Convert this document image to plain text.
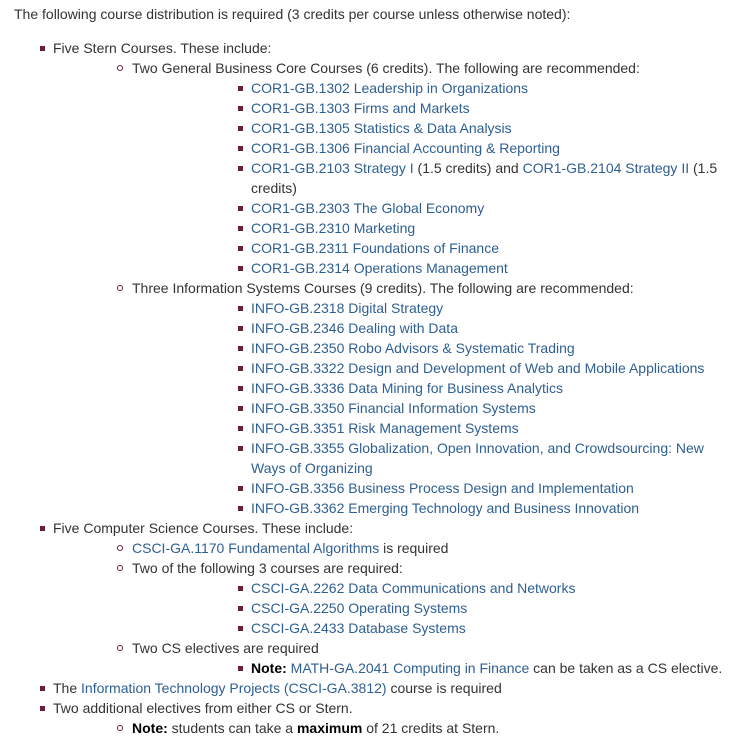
The following course distribution is required (3 credits per course unless otherwise noted):

Five Stern Courses. These include:
Two General Business Core Courses (6 credits). The following are recommended:
COR1-GB.1302 Leadership in Organizations
COR1-GB.1303 Firms and Markets
COR1-GB.1305 Statistics & Data Analysis
COR1-GB.1306 Financial Accounting & Reporting
COR1-GB.2103 Strategy I (1.5 credits) and COR1-GB.2104 Strategy II (1.5 credits)
COR1-GB.2303 The Global Economy
COR1-GB.2310 Marketing
COR1-GB.2311 Foundations of Finance
COR1-GB.2314 Operations Management
Three Information Systems Courses (9 credits). The following are recommended:
INFO-GB.2318 Digital Strategy
INFO-GB.2346 Dealing with Data
INFO-GB.2350 Robo Advisors & Systematic Trading
INFO-GB.3322 Design and Development of Web and Mobile Applications
INFO-GB.3336 Data Mining for Business Analytics
INFO-GB.3350 Financial Information Systems
INFO-GB.3351 Risk Management Systems
INFO-GB.3355 Globalization, Open Innovation, and Crowdsourcing: New Ways of Organizing
INFO-GB.3356 Business Process Design and Implementation
INFO-GB.3362 Emerging Technology and Business Innovation
Five Computer Science Courses. These include:
CSCI-GA.1170 Fundamental Algorithms is required
Two of the following 3 courses are required:
CSCI-GA.2262 Data Communications and Networks
CSCI-GA.2250 Operating Systems
CSCI-GA.2433 Database Systems
Two CS electives are required
Note: MATH-GA.2041 Computing in Finance can be taken as a CS elective.
The Information Technology Projects (CSCI-GA.3812) course is required
Two additional electives from either CS or Stern.
Note: students can take a maximum of 21 credits at Stern.
